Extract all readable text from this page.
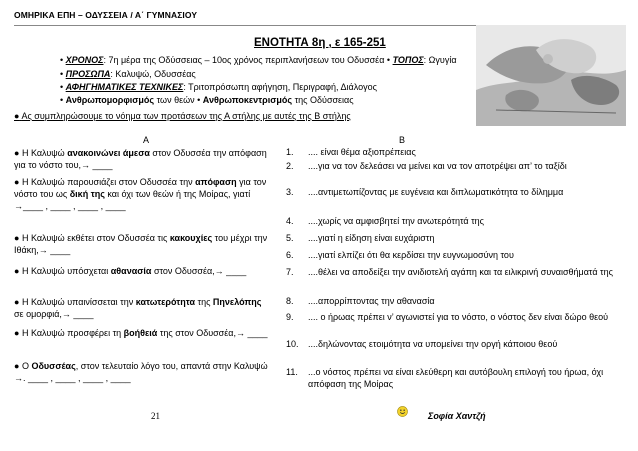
ΟΜΗΡΙΚΑ ΕΠΗ – ΟΔΥΣΣΕΙΑ / Α΄ ΓΥΜΝΑΣΙΟΥ
ΕΝΟΤΗΤΑ 8η , ε 165-251
• ΧΡΟΝΟΣ: 7η μέρα της Οδύσσειας – 10ος χρόνος περιπλανήσεων του Οδυσσέα • ΤΟΠΟΣ: Ωγυγία
• ΠΡΟΣΩΠΑ: Καλυψώ, Οδυσσέας
• ΑΦΗΓΗΜΑΤΙΚΕΣ ΤΕΧΝΙΚΕΣ: Τριτοπρόσωπη αφήγηση, Περιγραφή, Διάλογος
• Ανθρωπομορφισμός των θεών • Ανθρωποκεντρισμός της Οδύσσειας
● Ας συμπληρώσουμε το νόημα των προτάσεων της Α στήλης με αυτές της Β στήλης
Α	Β
● Η Καλυψώ ανακοινώνει άμεσα στον Οδυσσέα την απόφαση για το νόστο του,→ ____
● Η Καλυψώ παρουσιάζει στον Οδυσσέα την απόφαση για τον νόστο του ως δική της και όχι των θεών ή της Μοίρας, γιατί →____ , ____ , ____ , ____
● Η Καλυψώ εκθέτει στον Οδυσσέα τις κακουχίες του μέχρι την Ιθάκη,→ ____
● Η Καλυψώ υπόσχεται αθανασία στον Οδυσσέα,→ ____
● Η Καλυψώ υπαινίσσεται την κατωτερότητα της Πηνελόπης σε ομορφιά,→ ____
● Η Καλυψώ προσφέρει τη βοήθειά της στον Οδυσσέα,→ ____
● Ο Οδυσσέας, στον τελευταίο λόγο του, απαντά στην Καλυψώ →. ____ , ____ , ____ , ____
1.	.... είναι θέμα αξιοπρέπειας
2.	....για να τον δελεάσει να μείνει και να τον αποτρέψει απ’ το ταξίδι
3.	....αντιμετωπίζοντας με ευγένεια και διπλωματικότητα το δίλημμα
4.	....χωρίς να αμφισβητεί την ανωτερότητά της
5.	....γιατί η είδηση είναι ευχάριστη
6.	....γιατί ελπίζει ότι θα κερδίσει την ευγνωμοσύνη του
7.	....θέλει να αποδείξει την ανιδιοτελή αγάπη και τα ειλικρινή συναισθήματά της
8.	....απορρίπτοντας την αθανασία
9.	.... ο ήρωας πρέπει ν’ αγωνιστεί για το νόστο, ο νόστος δεν είναι δώρο θεού
10.	....δηλώνοντας ετοιμότητα να υπομείνει την οργή κάποιου θεού
11.	...ο νόστος πρέπει να είναι ελεύθερη και αυτόβουλη επιλογή του ήρωα, όχι απόφαση της Μοίρας
21	Σοφία Χαντζή
